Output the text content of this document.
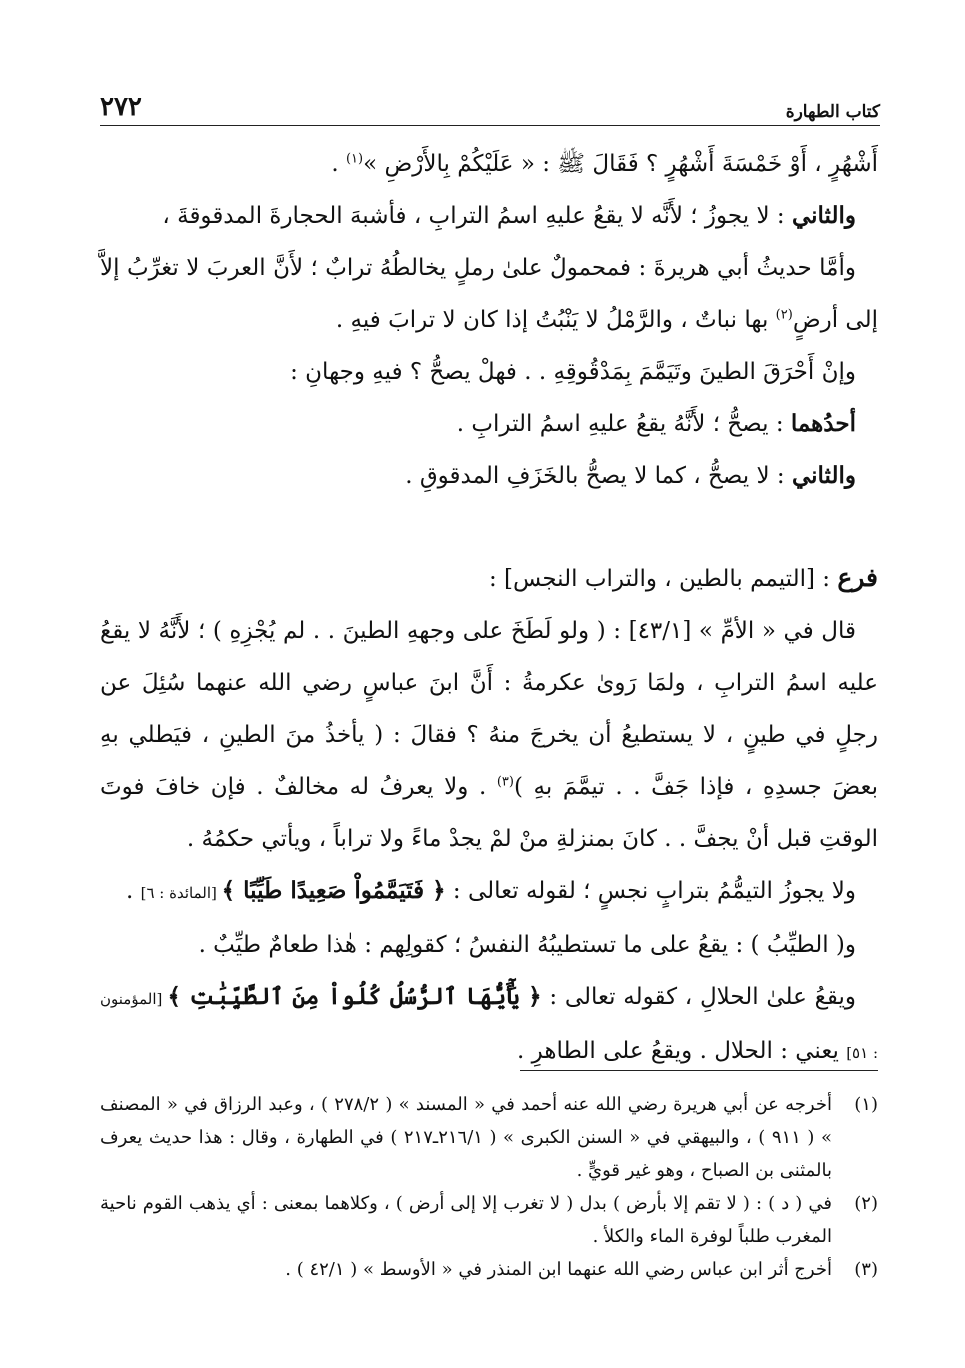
كتاب الطهارة
٢٧٢

أَشْهُرٍ ، أَوْ خَمْسَةَ أَشْهُرٍ ؟ فَقَالَ ﷺ : « عَلَيْكُمْ بِالأَرْضِ »$^{(١)}$ .

والثاني : لا يجوزُ ؛ لأَنَّه لا يقعُ عليهِ اسمُ الترابِ ، فأشبهَ الحجارةَ المدقوقةَ ،

وأمَّا حديثُ أبي هريرةَ : فمحمولٌ علىٰ رملٍ يخالطُهُ ترابٌ ؛ لأَنَّ العربَ لا تغرِّبُ إلاَّ إلى أرضٍ$^{(٢)}$ بها نباتٌ ، والرَّمْلُ لا يَنْبُتُ إذا كان لا ترابَ فيهِ .

وإنْ أَحْرَقَ الطينَ وتَيَمَّمَ بِمَدْقُوقِهِ . . فهلْ يصحُّ ؟ فيهِ وجهانِ :

أحدُهما : يصحُّ ؛ لأَنَّهُ يقعُ عليهِ اسمُ الترابِ .

والثاني : لا يصحُّ ، كما لا يصحُّ بالخَزَفِ المدقوقِ .

فرع : [التيمم بالطين ، والتراب النجس] :

قال في « الأمِّ » [٤٣/١] : ( ولو لَطَخَ على وجههِ الطينَ . . لم يُجْزِهِ ) ؛ لأَنَّهُ لا يقعُ عليه اسمُ الترابِ ، ولمَا رَوىٰ عكرمةُ : أَنَّ ابنَ عباسٍ رضي الله عنهما سُئِلَ عن رجلٍ في طينٍ ، لا يستطيعُ أن يخرجَ منهُ ؟ فقالَ : ( يأخذُ منَ الطينِ ، فيَطلي بهِ بعضَ جسدِهِ ، فإذا جَفَّ . . تيمَّمَ بهِ )$^{(٣)}$ . ولا يعرفُ له مخالفٌ . فإن خافَ فوتَ الوقتِ قبل أنْ يجفَّ . . كانَ بمنزلةِ منْ لمْ يجدْ ماءً ولا تراباً ، ويأتي حكمُهُ .

ولا يجوزُ التيمُّمُ بترابٍ نجسٍ ؛ لقوله تعالى : ﴿ فَتَيَمَّمُواْ صَعِيدًا طَيِّبًا ﴾ [المائدة : ٦] .

و( الطيِّبُ ) : يقعُ على ما تستطيبُهُ النفسُ ؛ كقولِهم : هٰذا طعامٌ طيِّبٌ .

ويقعُ علىٰ الحلالِ ، كقوله تعالى : ﴿ يَٰٓأَيُّهَا ٱلرُّسُلُ كُلُواْ مِنَ ٱلطَّيِّبَٰتِ ﴾ [المؤمنون : ٥١] يعني : الحلال . ويقعُ على الطاهرِ .

(١)
أخرجه عن أبي هريرة رضي الله عنه أحمد في « المسند » ( ٢٧٨/٢ ) ، وعبد الرزاق في « المصنف » ( ٩١١ ) ، والبيهقي في « السنن الكبرى » ( ٢١٦/١ـ٢١٧ ) في الطهارة ، وقال : هذا حديث يعرف بالمثنى بن الصباح ، وهو غير قويٍّ .

(٢)
في ( د ) : ( لا تقم إلا بأرض ) بدل ( لا تغرب إلا إلى أرض ) ، وكلاهما بمعنى : أي يذهب القوم ناحية المغرب طلباً لوفرة الماء والكلأ .

(٣)
أخرج أثر ابن عباس رضي الله عنهما ابن المنذر في « الأوسط » ( ٤٢/١ ) .
